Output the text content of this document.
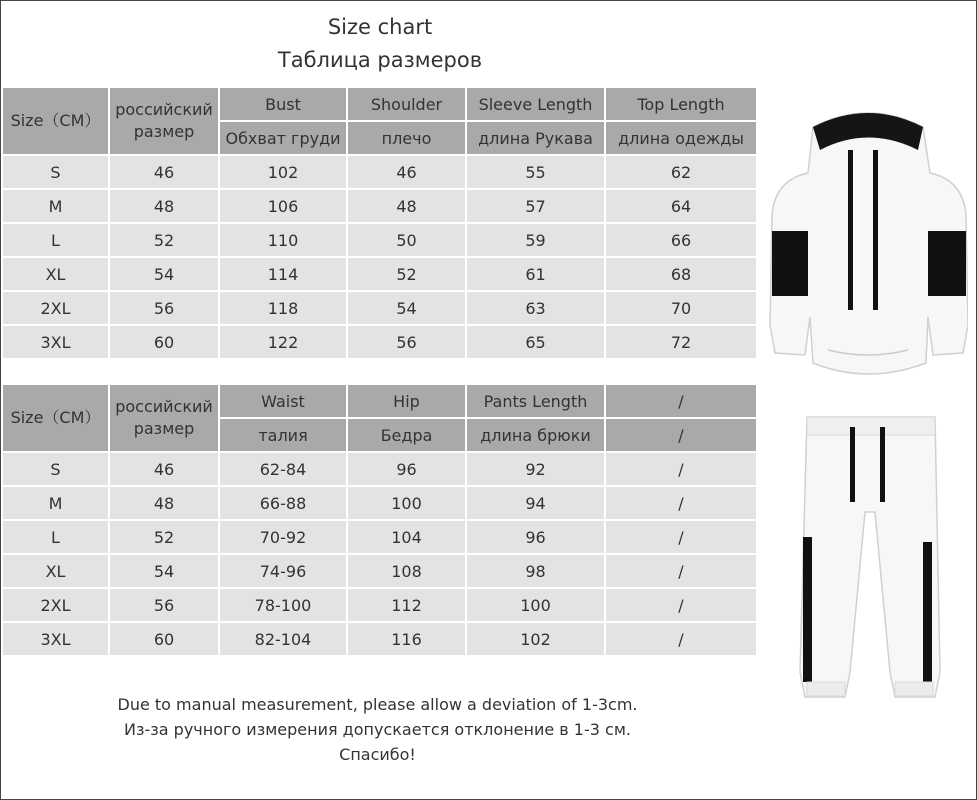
Size chart
Таблица размеров
Size（CM）	российский размер	Bust	Shoulder	Sleeve Length	Top Length
		Обхват груди	плечо	длина Рукава	длина одежды
S	46	102	46	55	62
M	48	106	48	57	64
L	52	110	50	59	66
XL	54	114	52	61	68
2XL	56	118	54	63	70
3XL	60	122	56	65	72
Size（CM）	российский размер	Waist	Hip	Pants Length	/
		талия	Бедра	длина брюки	/
S	46	62-84	96	92	/
M	48	66-88	100	94	/
L	52	70-92	104	96	/
XL	54	74-96	108	98	/
2XL	56	78-100	112	100	/
3XL	60	82-104	116	102	/
Due to manual measurement, please allow a deviation of 1-3cm.
Из-за ручного измерения допускается отклонение в 1-3 см.
Спасибо!
